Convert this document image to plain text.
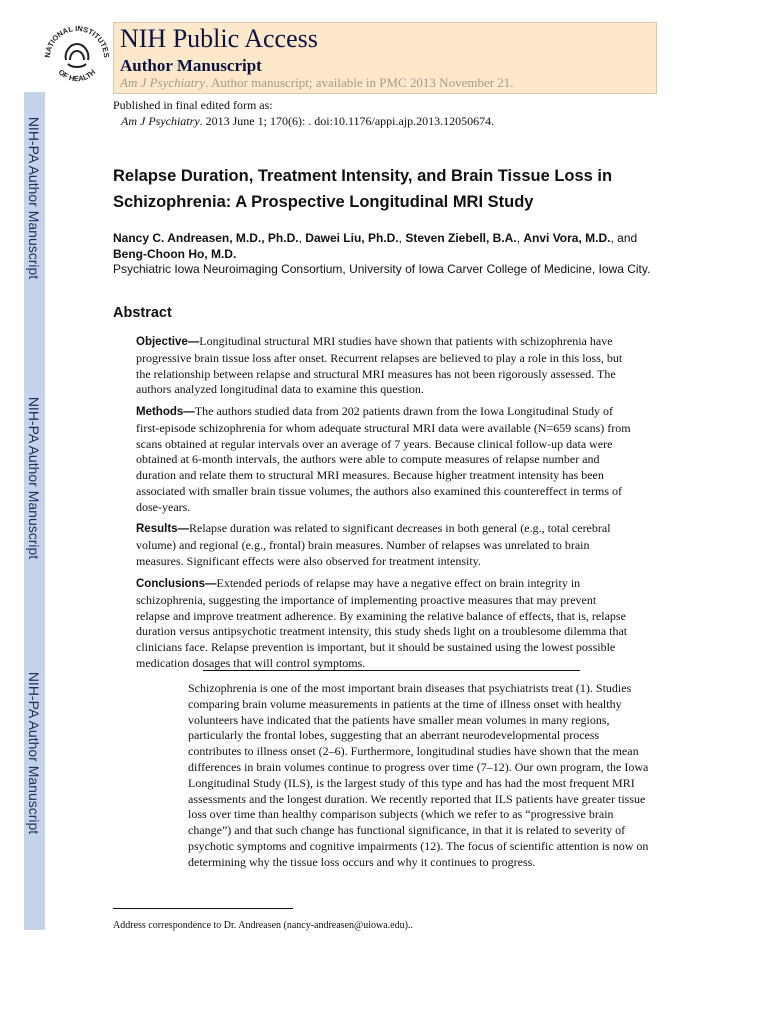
NIH-PA Author Manuscript
NIH-PA Author Manuscript
NIH-PA Author Manuscript
NATIONAL INSTITUTES
OF HEALTH
NIH Public Access
Author Manuscript
Am J Psychiatry. Author manuscript; available in PMC 2013 November 21.
Published in final edited form as:
Am J Psychiatry. 2013 June 1; 170(6): . doi:10.1176/appi.ajp.2013.12050674.
Relapse Duration, Treatment Intensity, and Brain Tissue Loss in Schizophrenia: A Prospective Longitudinal MRI Study
Nancy C. Andreasen, M.D., Ph.D., Dawei Liu, Ph.D., Steven Ziebell, B.A., Anvi Vora, M.D., and Beng-Choon Ho, M.D.
Psychiatric Iowa Neuroimaging Consortium, University of Iowa Carver College of Medicine, Iowa City.
Abstract
Objective—Longitudinal structural MRI studies have shown that patients with schizophrenia have progressive brain tissue loss after onset. Recurrent relapses are believed to play a role in this loss, but the relationship between relapse and structural MRI measures has not been rigorously assessed. The authors analyzed longitudinal data to examine this question.
Methods—The authors studied data from 202 patients drawn from the Iowa Longitudinal Study of first-episode schizophrenia for whom adequate structural MRI data were available (N=659 scans) from scans obtained at regular intervals over an average of 7 years. Because clinical follow-up data were obtained at 6-month intervals, the authors were able to compute measures of relapse number and duration and relate them to structural MRI measures. Because higher treatment intensity has been associated with smaller brain tissue volumes, the authors also examined this countereffect in terms of dose-years.
Results—Relapse duration was related to significant decreases in both general (e.g., total cerebral volume) and regional (e.g., frontal) brain measures. Number of relapses was unrelated to brain measures. Significant effects were also observed for treatment intensity.
Conclusions—Extended periods of relapse may have a negative effect on brain integrity in schizophrenia, suggesting the importance of implementing proactive measures that may prevent relapse and improve treatment adherence. By examining the relative balance of effects, that is, relapse duration versus antipsychotic treatment intensity, this study sheds light on a troublesome dilemma that clinicians face. Relapse prevention is important, but it should be sustained using the lowest possible medication dosages that will control symptoms.
Schizophrenia is one of the most important brain diseases that psychiatrists treat (1). Studies comparing brain volume measurements in patients at the time of illness onset with healthy volunteers have indicated that the patients have smaller mean volumes in many regions, particularly the frontal lobes, suggesting that an aberrant neurodevelopmental process contributes to illness onset (2–6). Furthermore, longitudinal studies have shown that the mean differences in brain volumes continue to progress over time (7–12). Our own program, the Iowa Longitudinal Study (ILS), is the largest study of this type and has had the most frequent MRI assessments and the longest duration. We recently reported that ILS patients have greater tissue loss over time than healthy comparison subjects (which we refer to as “progressive brain change”) and that such change has functional significance, in that it is related to severity of psychotic symptoms and cognitive impairments (12). The focus of scientific attention is now on determining why the tissue loss occurs and why it continues to progress.
Address correspondence to Dr. Andreasen (nancy-andreasen@uiowa.edu)..
